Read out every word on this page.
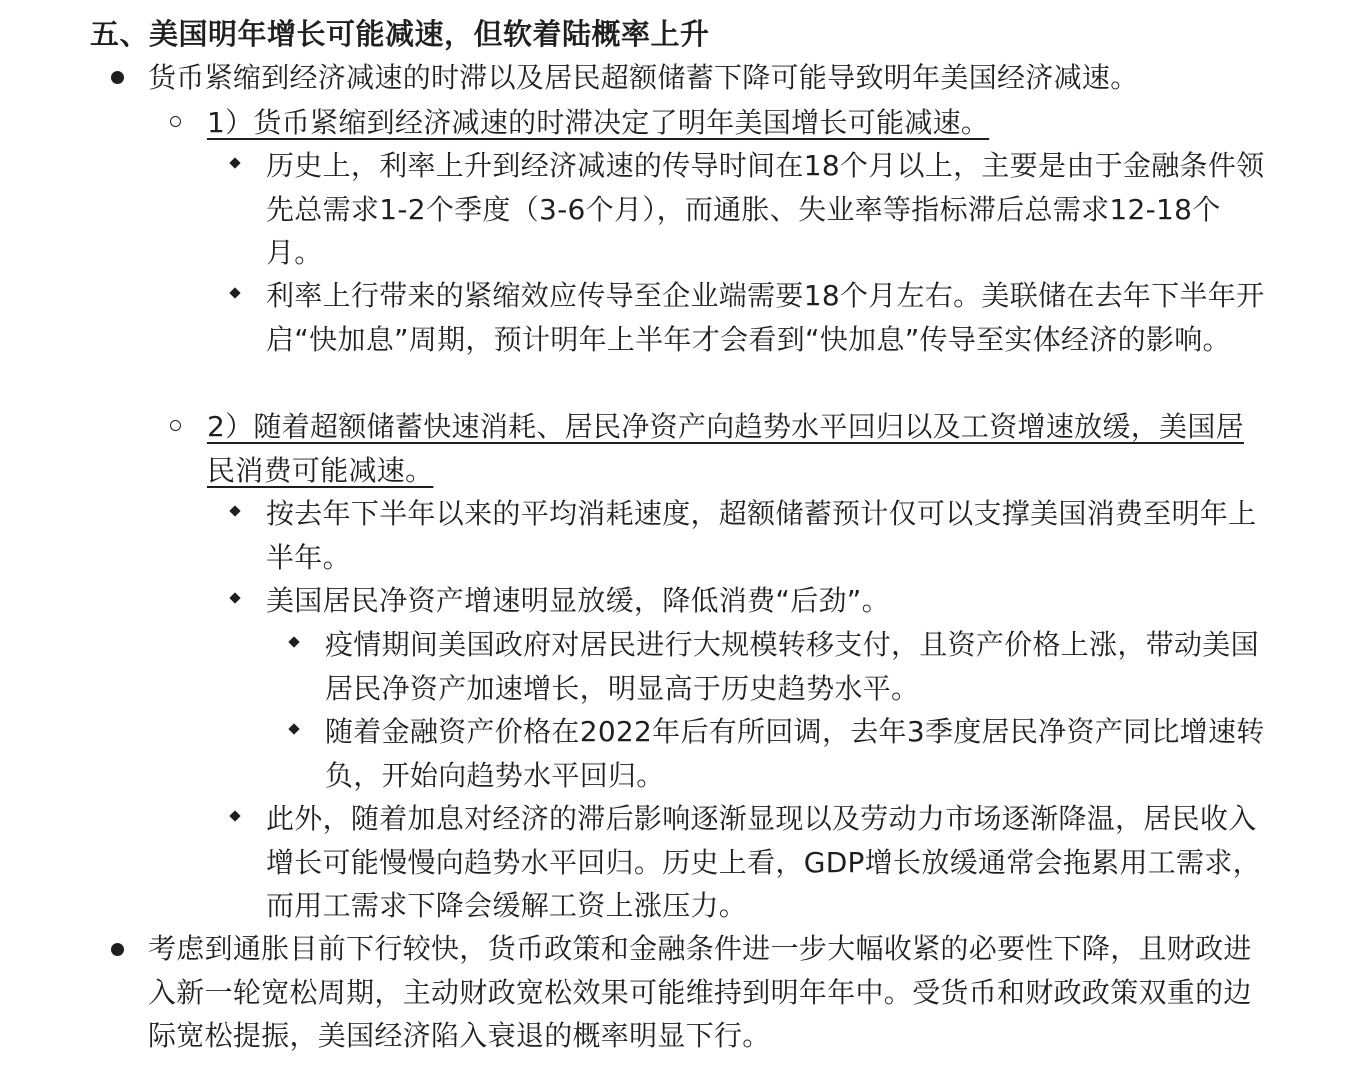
五、美国明年增长可能减速，但软着陆概率上升
货币紧缩到经济减速的时滞以及居民超额储蓄下降可能导致明年美国经济减速。
1）货币紧缩到经济减速的时滞决定了明年美国增长可能减速。
历史上，利率上升到经济减速的传导时间在18个月以上，主要是由于金融条件领先总需求1-2个季度（3-6个月），而通胀、失业率等指标滞后总需求12-18个月。
利率上行带来的紧缩效应传导至企业端需要18个月左右。美联储在去年下半年开启“快加息”周期，预计明年上半年才会看到“快加息”传导至实体经济的影响。
2）随着超额储蓄快速消耗、居民净资产向趋势水平回归以及工资增速放缓，美国居民消费可能减速。
按去年下半年以来的平均消耗速度，超额储蓄预计仅可以支撑美国消费至明年上半年。
美国居民净资产增速明显放缓，降低消费“后劲”。
疫情期间美国政府对居民进行大规模转移支付，且资产价格上涨，带动美国居民净资产加速增长，明显高于历史趋势水平。
随着金融资产价格在2022年后有所回调，去年3季度居民净资产同比增速转负，开始向趋势水平回归。
此外，随着加息对经济的滞后影响逐渐显现以及劳动力市场逐渐降温，居民收入增长可能慢慢向趋势水平回归。历史上看，GDP增长放缓通常会拖累用工需求，而用工需求下降会缓解工资上涨压力。
考虑到通胀目前下行较快，货币政策和金融条件进一步大幅收紧的必要性下降，且财政进入新一轮宽松周期，主动财政宽松效果可能维持到明年年中。受货币和财政政策双重的边际宽松提振，美国经济陷入衰退的概率明显下行。
